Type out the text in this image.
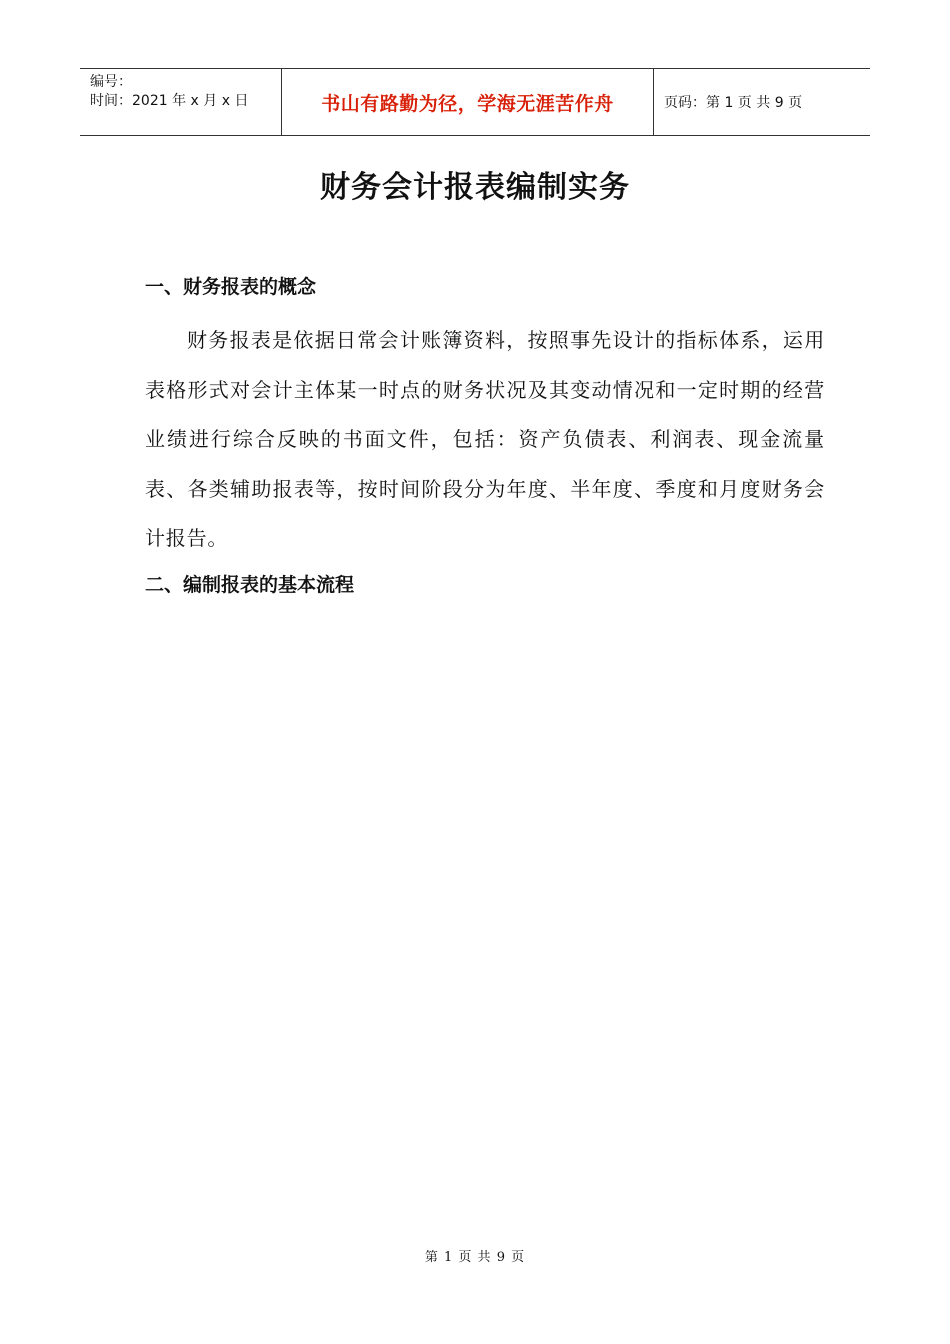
编号：
时间：2021 年 x 月 x 日	书山有路勤为径，学海无涯苦作舟	页码：第 1 页 共 9 页
财务会计报表编制实务
一、财务报表的概念
财务报表是依据日常会计账簿资料，按照事先设计的指标体系，运用表格形式对会计主体某一时点的财务状况及其变动情况和一定时期的经营业绩进行综合反映的书面文件，包括：资产负债表、利润表、现金流量表、各类辅助报表等，按时间阶段分为年度、半年度、季度和月度财务会计报告。
二、编制报表的基本流程
第 1 页 共 9 页
